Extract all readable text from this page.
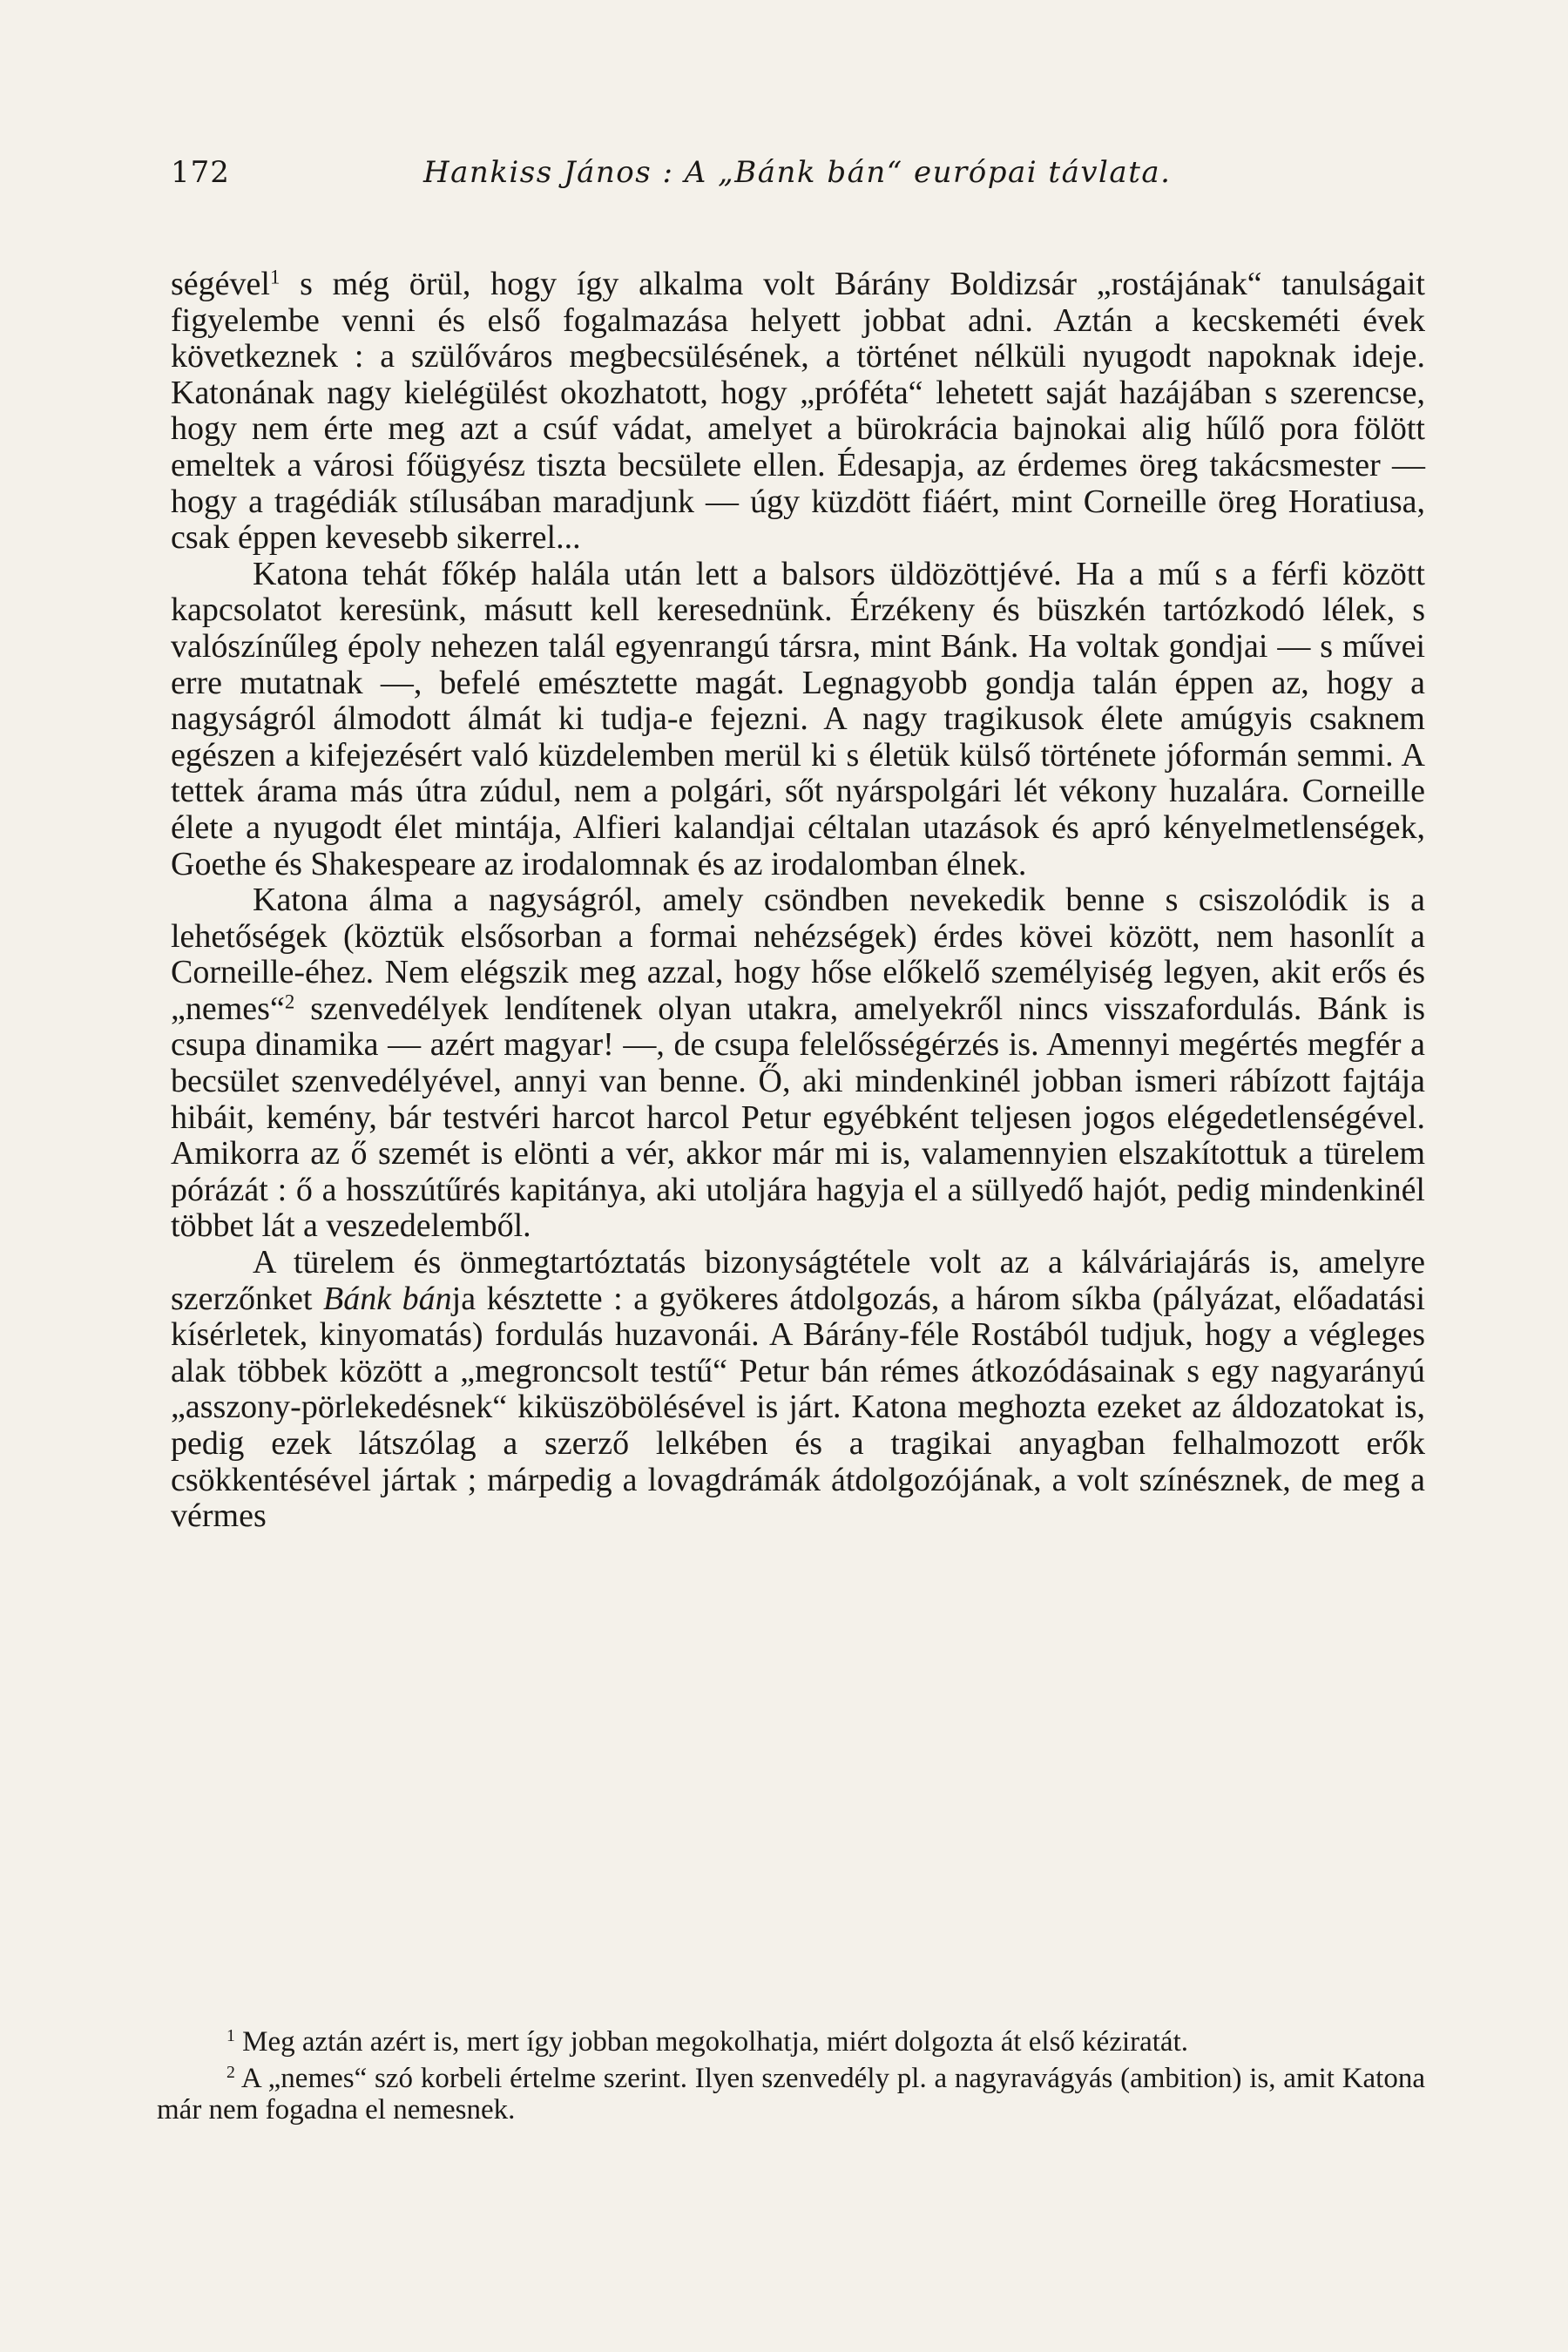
172	Hankiss János : A „Bánk bán“ európai távlata.

ségével$^1$ s még örül, hogy így alkalma volt Bárány Boldizsár „rostájának“ tanulságait figyelembe venni és első fogalmazása helyett jobbat adni. Aztán a kecskeméti évek következnek : a szülőváros megbecsülésének, a történet nélküli nyugodt napoknak ideje. Katonának nagy kielégülést okozhatott, hogy „próféta“ lehetett saját hazájában s szerencse, hogy nem érte meg azt a csúf vádat, amelyet a bürokrácia bajnokai alig hűlő pora fölött emeltek a városi főügyész tiszta becsülete ellen. Édesapja, az érdemes öreg takácsmester — hogy a tragédiák stílusában maradjunk — úgy küzdött fiáért, mint Corneille öreg Horatiusa, csak éppen kevesebb sikerrel...

Katona tehát főkép halála után lett a balsors üldözöttjévé. Ha a mű s a férfi között kapcsolatot keresünk, másutt kell keresednünk. Érzékeny és büszkén tartózkodó lélek, s valószínűleg époly nehezen talál egyenrangú társra, mint Bánk. Ha voltak gondjai — s művei erre mutatnak —, befelé emésztette magát. Legnagyobb gondja talán éppen az, hogy a nagyságról álmodott álmát ki tudja-e fejezni. A nagy tragikusok élete amúgyis csaknem egészen a kifejezésért való küzdelemben merül ki s életük külső története jóformán semmi. A tettek árama más útra zúdul, nem a polgári, sőt nyárspolgári lét vékony huzalára. Corneille élete a nyugodt élet mintája, Alfieri kalandjai céltalan utazások és apró kényelmetlenségek, Goethe és Shakespeare az irodalomnak és az irodalomban élnek.

Katona álma a nagyságról, amely csöndben nevekedik benne s csiszolódik is a lehetőségek (köztük elsősorban a formai nehézségek) érdes kövei között, nem hasonlít a Corneille-éhez. Nem elégszik meg azzal, hogy hőse előkelő személyiség legyen, akit erős és „nemes“$^2$ szenvedélyek lendítenek olyan utakra, amelyekről nincs visszafordulás. Bánk is csupa dinamika — azért magyar! —, de csupa felelősségérzés is. Amennyi megértés megfér a becsület szenvedélyével, annyi van benne. Ő, aki mindenkinél jobban ismeri rábízott fajtája hibáit, kemény, bár testvéri harcot harcol Petur egyébként teljesen jogos elégedetlenségével. Amikorra az ő szemét is elönti a vér, akkor már mi is, valamennyien elszakítottuk a türelem pórázát : ő a hosszútűrés kapitánya, aki utoljára hagyja el a süllyedő hajót, pedig mindenkinél többet lát a veszedelemből.

A türelem és önmegtartóztatás bizonyságtétele volt az a kálváriajárás is, amelyre szerzőnket Bánk bánja késztette : a gyökeres átdolgozás, a három síkba (pályázat, előadatási kísérletek, kinyomatás) fordulás huzavonái. A Bárány-féle Rostából tudjuk, hogy a végleges alak többek között a „megroncsolt testű“ Petur bán rémes átkozódásainak s egy nagyarányú „asszony-pörlekedésnek“ kiküszöbölésével is járt. Katona meghozta ezeket az áldozatokat is, pedig ezek látszólag a szerző lelkében és a tragikai anyagban felhalmozott erők csökkentésével jártak ; márpedig a lovagdrámák átdolgozójának, a volt színésznek, de meg a vérmes

$^1$ Meg aztán azért is, mert így jobban megokolhatja, miért dolgozta át első kéziratát.

$^2$ A „nemes“ szó korbeli értelme szerint. Ilyen szenvedély pl. a nagyravágyás (ambition) is, amit Katona már nem fogadna el nemesnek.
